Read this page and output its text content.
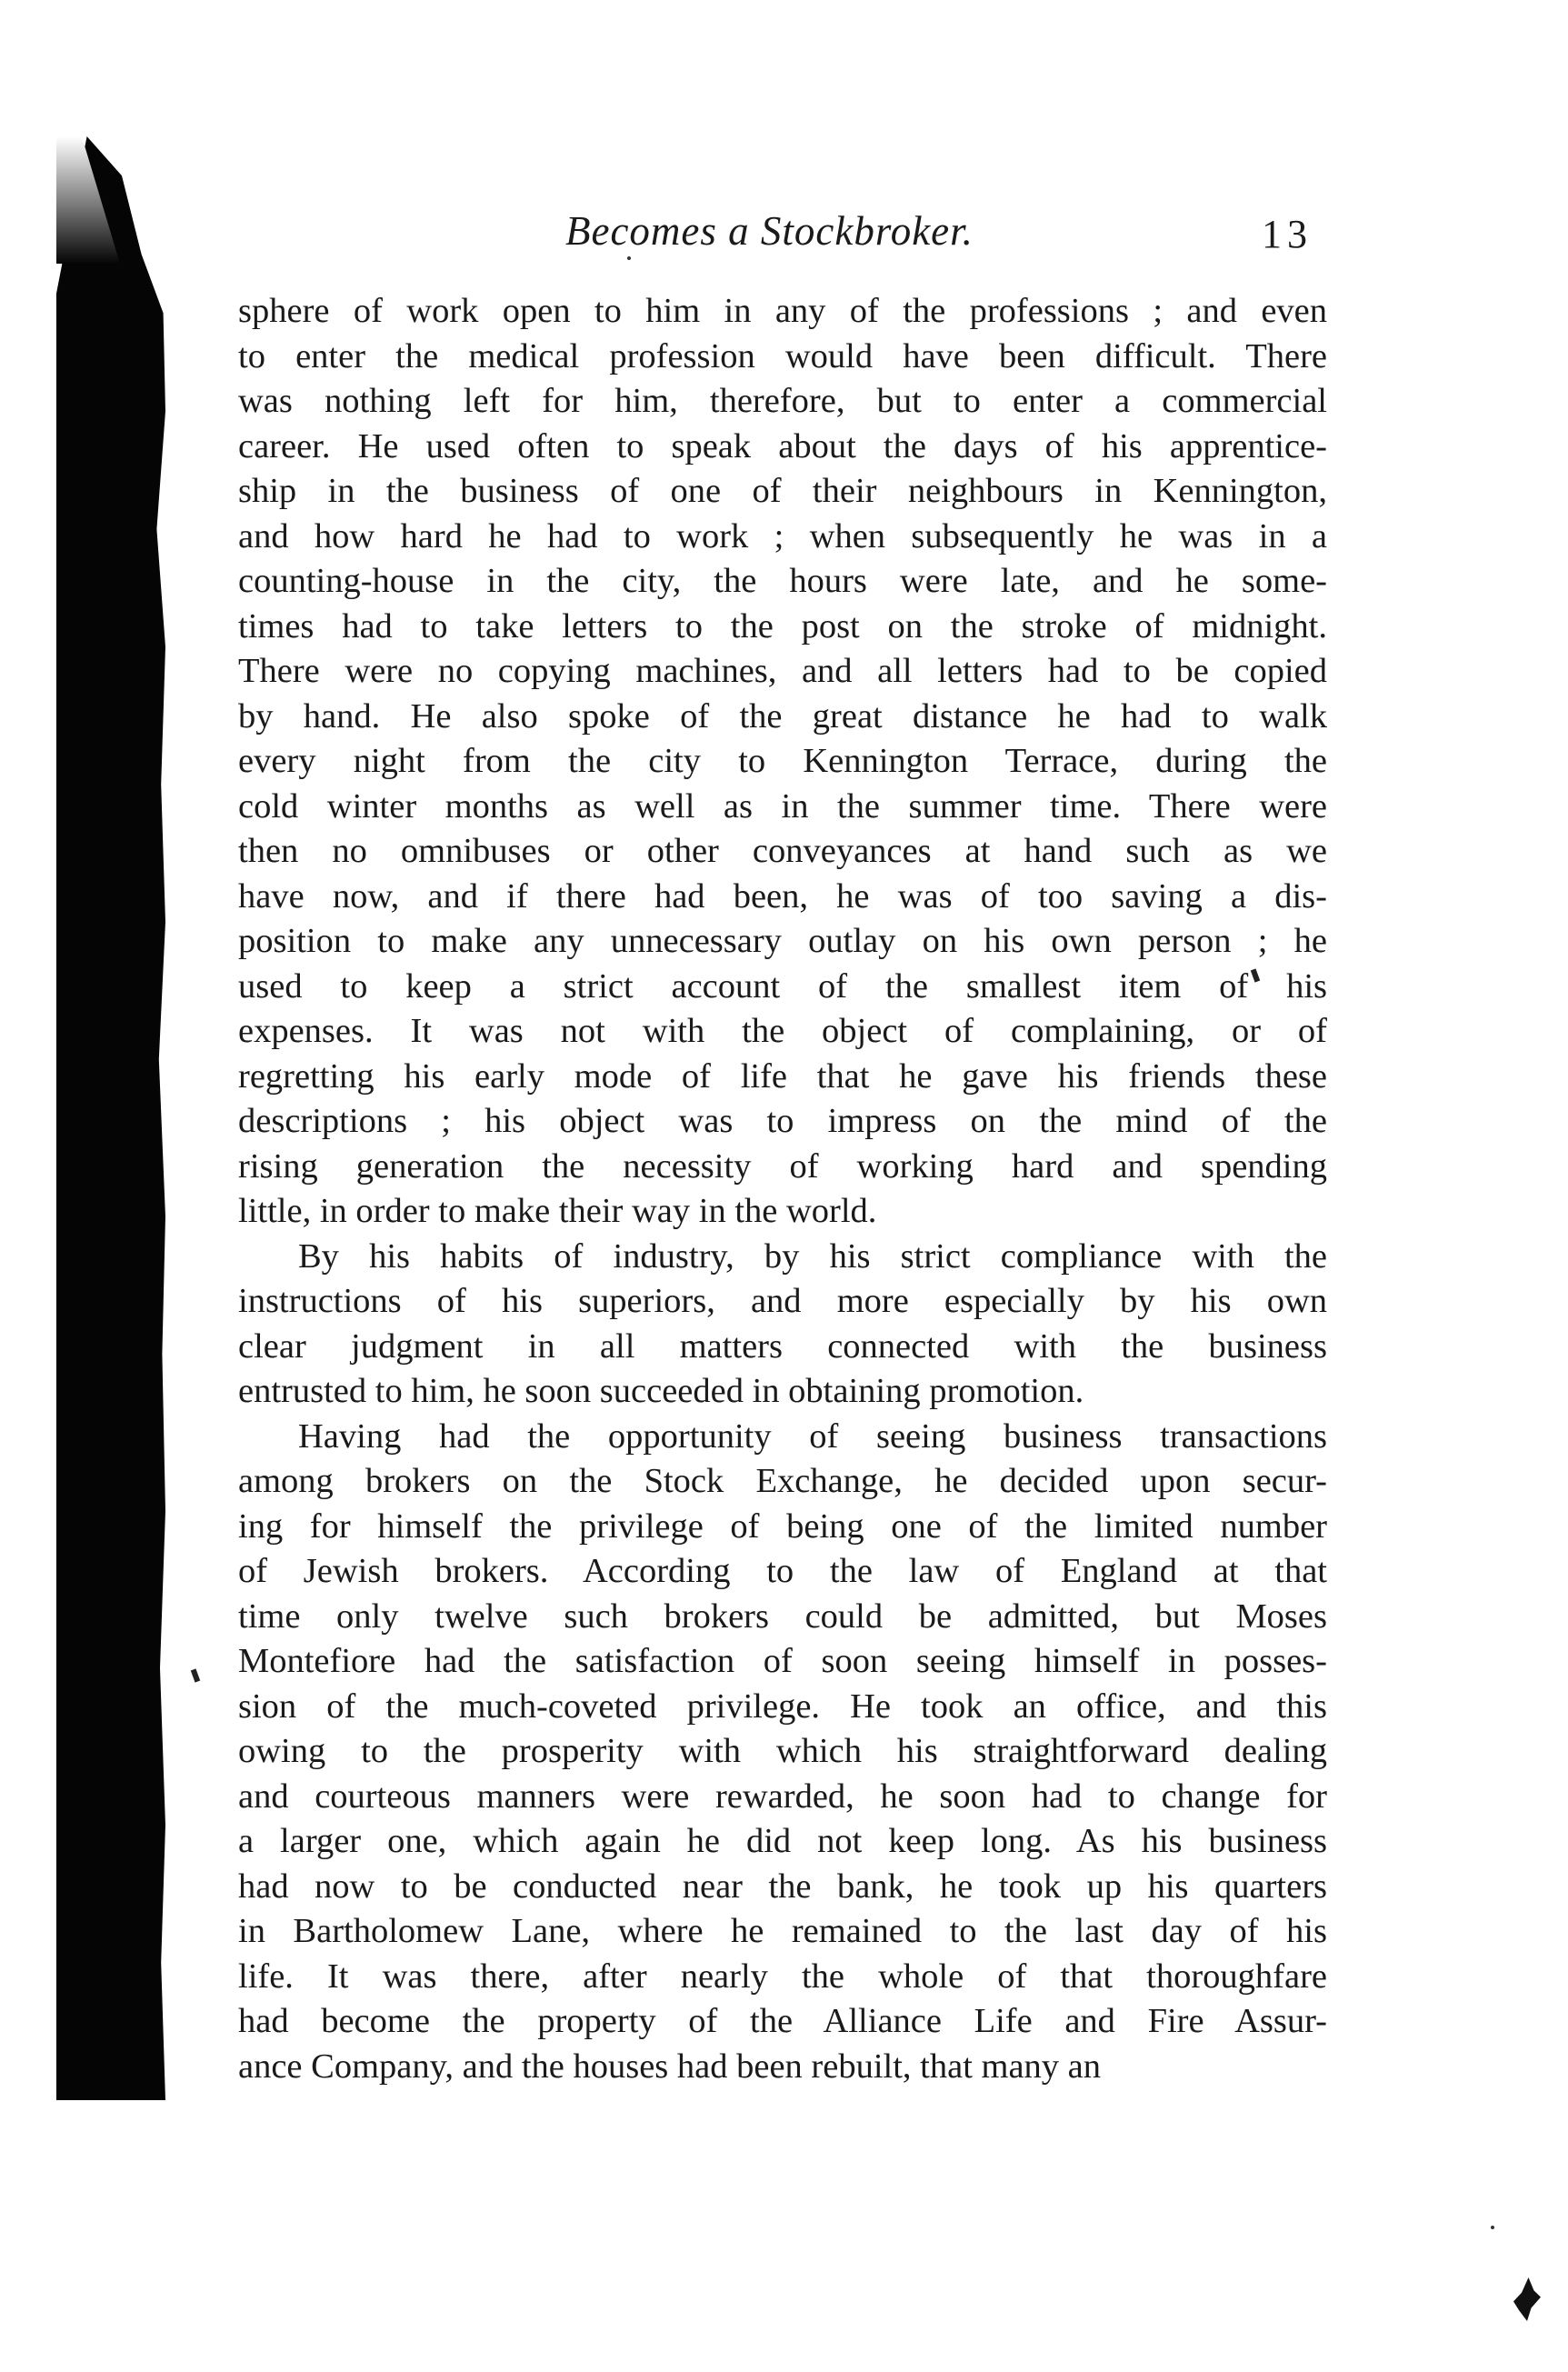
Becomes a Stockbroker.	13

sphere of work open to him in any of the professions ; and even
to enter the medical profession would have been difficult. There
was nothing left for him, therefore, but to enter a commercial
career. He used often to speak about the days of his apprentice-
ship in the business of one of their neighbours in Kennington,
and how hard he had to work ; when subsequently he was in a
counting-house in the city, the hours were late, and he some-
times had to take letters to the post on the stroke of midnight.
There were no copying machines, and all letters had to be copied
by hand. He also spoke of the great distance he had to walk
every night from the city to Kennington Terrace, during the
cold winter months as well as in the summer time. There were
then no omnibuses or other conveyances at hand such as we
have now, and if there had been, he was of too saving a dis-
position to make any unnecessary outlay on his own person ; he
used to keep a strict account of the smallest item of his
expenses. It was not with the object of complaining, or of
regretting his early mode of life that he gave his friends these
descriptions ; his object was to impress on the mind of the
rising generation the necessity of working hard and spending
little, in order to make their way in the world.

By his habits of industry, by his strict compliance with the
instructions of his superiors, and more especially by his own
clear judgment in all matters connected with the business
entrusted to him, he soon succeeded in obtaining promotion.

Having had the opportunity of seeing business transactions
among brokers on the Stock Exchange, he decided upon secur-
ing for himself the privilege of being one of the limited number
of Jewish brokers. According to the law of England at that
time only twelve such brokers could be admitted, but Moses
Montefiore had the satisfaction of soon seeing himself in posses-
sion of the much-coveted privilege. He took an office, and this
owing to the prosperity with which his straightforward dealing
and courteous manners were rewarded, he soon had to change for
a larger one, which again he did not keep long. As his business
had now to be conducted near the bank, he took up his quarters
in Bartholomew Lane, where he remained to the last day of his
life. It was there, after nearly the whole of that thoroughfare
had become the property of the Alliance Life and Fire Assur-
ance Company, and the houses had been rebuilt, that many an
